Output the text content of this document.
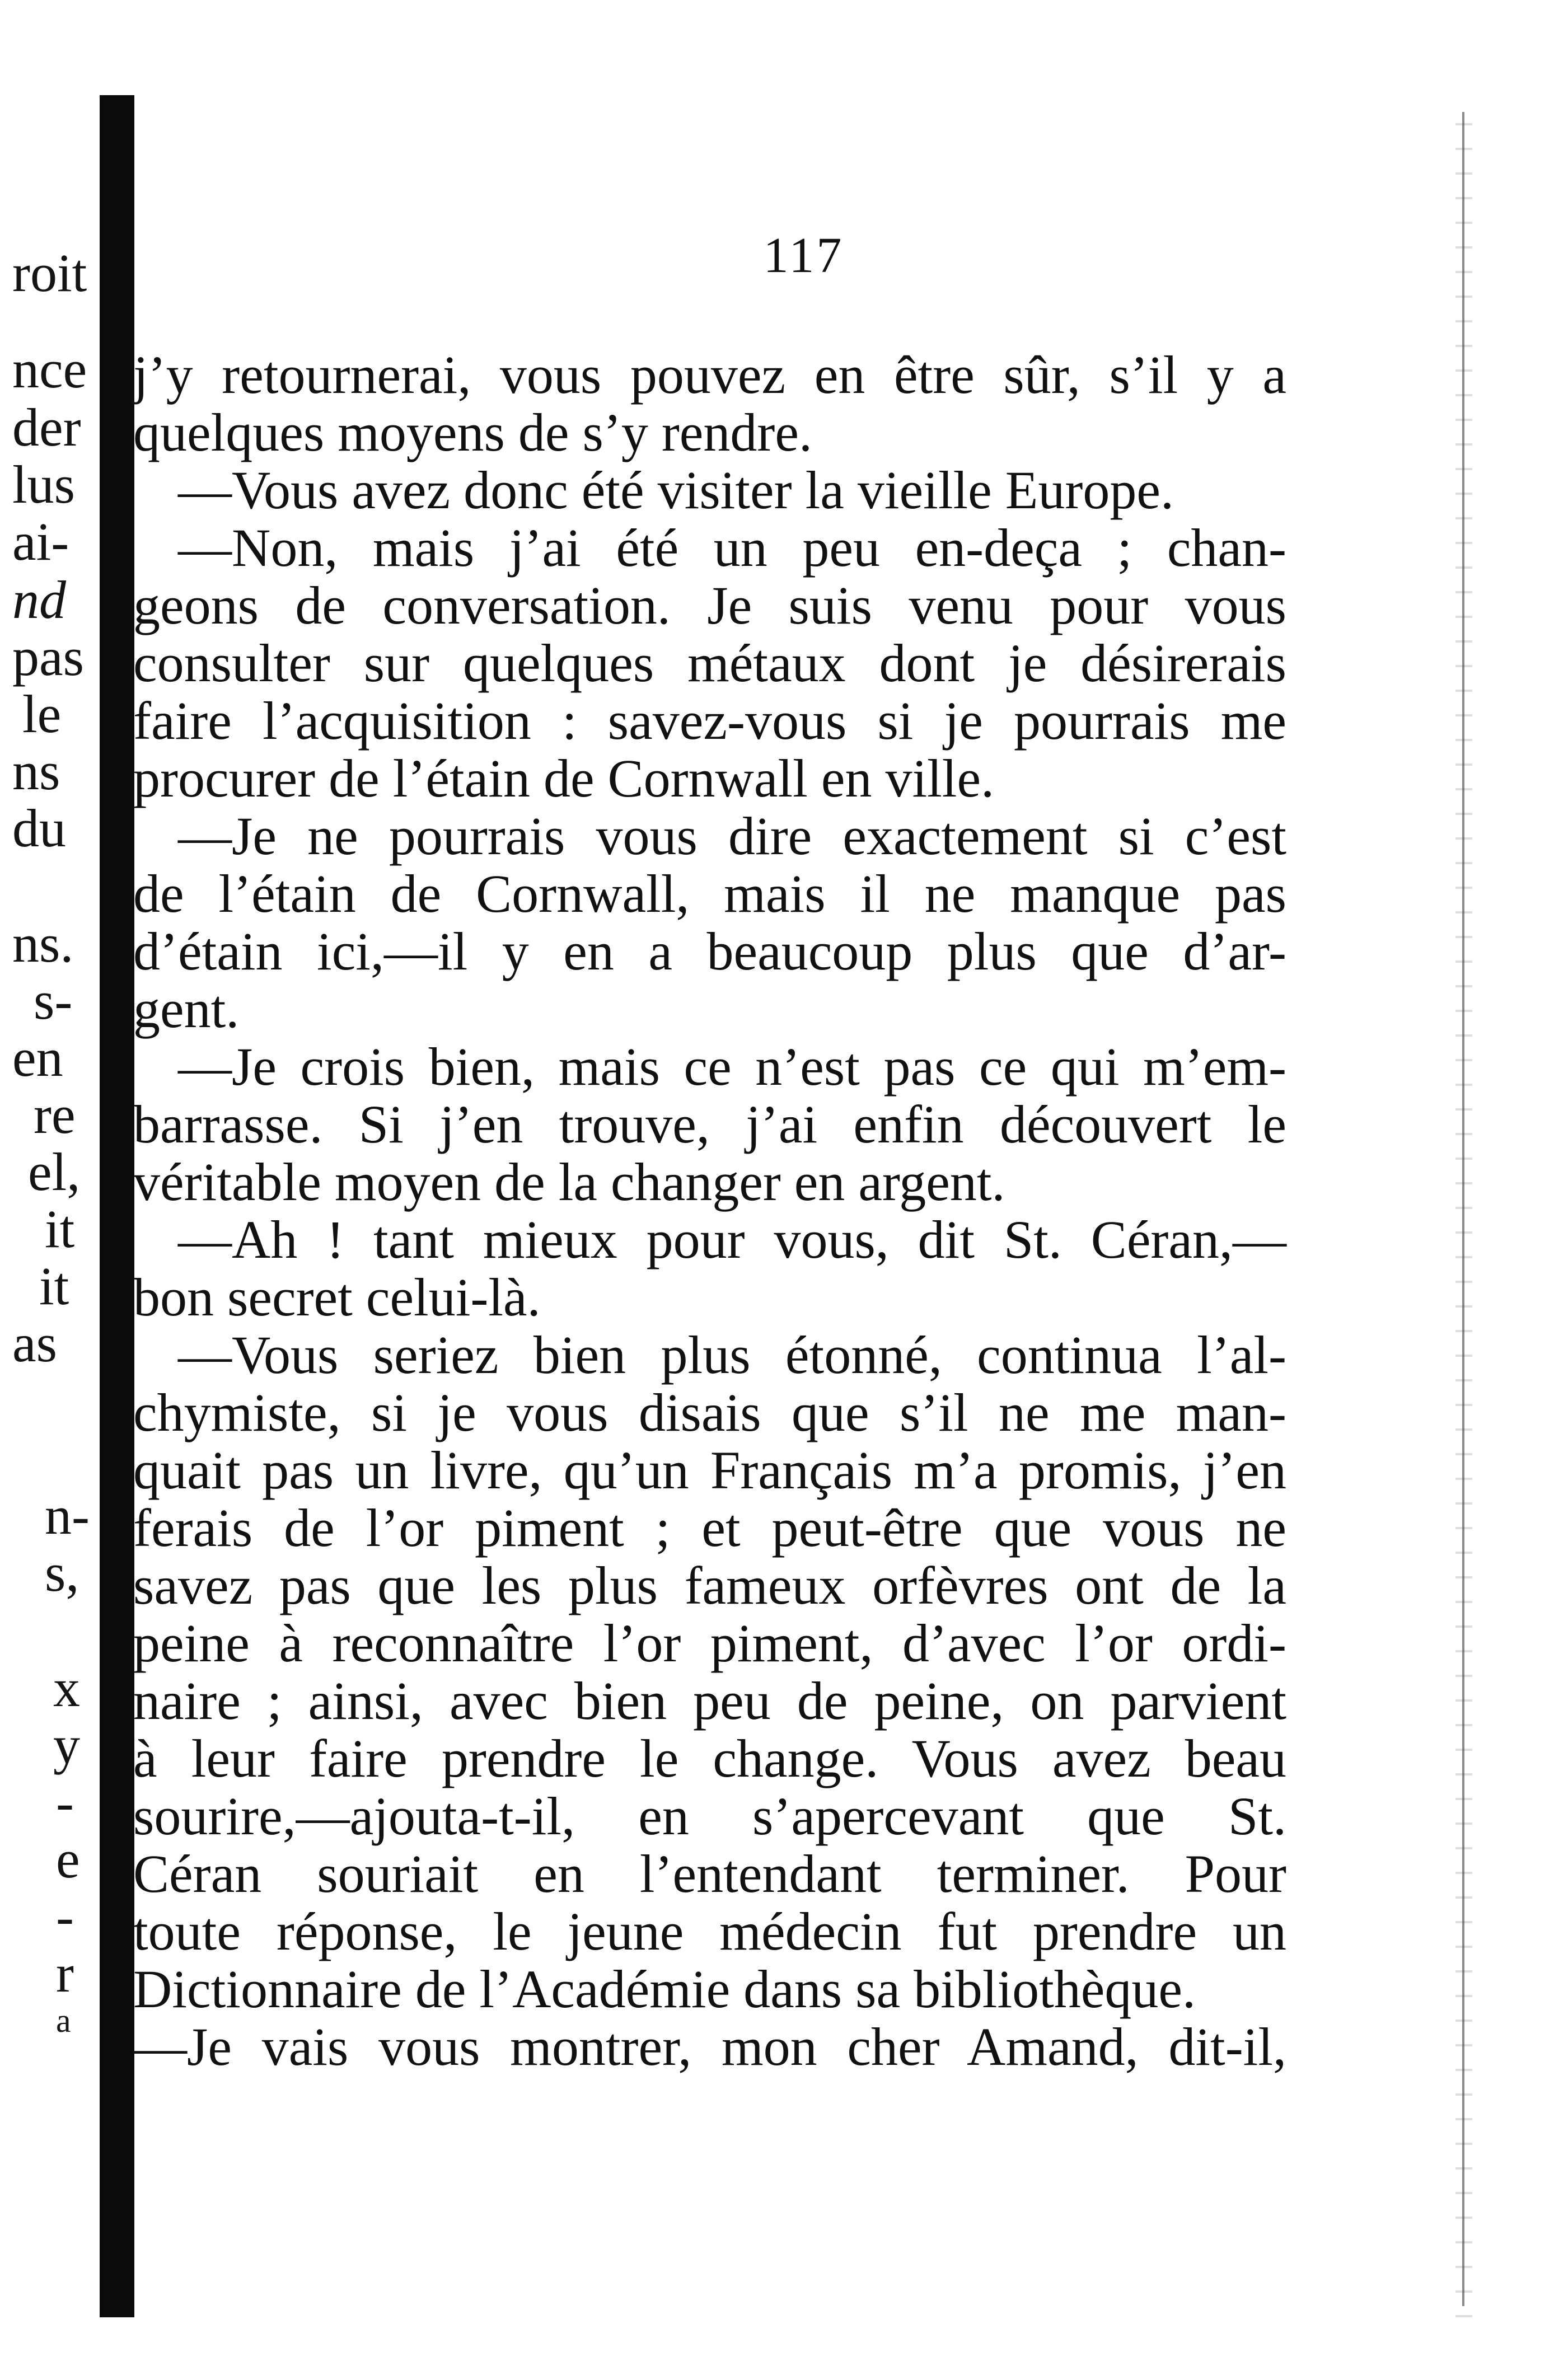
roit
nce
der
lus
ai-
nd
pas
le
ns
du
ns.
s-
en
re
el,
it
it
as
n-
s,
x
y
-
e
-
r
a
117
j’y retournerai, vous pouvez en être sûr, s’il y a
quelques moyens de s’y rendre.
—Vous avez donc été visiter la vieille Europe.
—Non, mais j’ai été un peu en-deça ; chan-
geons de conversation. Je suis venu pour vous
consulter sur quelques métaux dont je désirerais
faire l’acquisition : savez-vous si je pourrais me
procurer de l’étain de Cornwall en ville.
—Je ne pourrais vous dire exactement si c’est
de l’étain de Cornwall, mais il ne manque pas
d’étain ici,—il y en a beaucoup plus que d’ar-
gent.
—Je crois bien, mais ce n’est pas ce qui m’em-
barrasse. Si j’en trouve, j’ai enfin découvert le
véritable moyen de la changer en argent.
—Ah ! tant mieux pour vous, dit St. Céran,—
bon secret celui-là.
—Vous seriez bien plus étonné, continua l’al-
chymiste, si je vous disais que s’il ne me man-
quait pas un livre, qu’un Français m’a promis, j’en
ferais de l’or piment ; et peut-être que vous ne
savez pas que les plus fameux orfèvres ont de la
peine à reconnaître l’or piment, d’avec l’or ordi-
naire ; ainsi, avec bien peu de peine, on parvient
à leur faire prendre le change. Vous avez beau
sourire,—ajouta-t-il, en s’apercevant que St.
Céran souriait en l’entendant terminer. Pour
toute réponse, le jeune médecin fut prendre un
Dictionnaire de l’Académie dans sa bibliothèque.
—Je vais vous montrer, mon cher Amand, dit-il,
